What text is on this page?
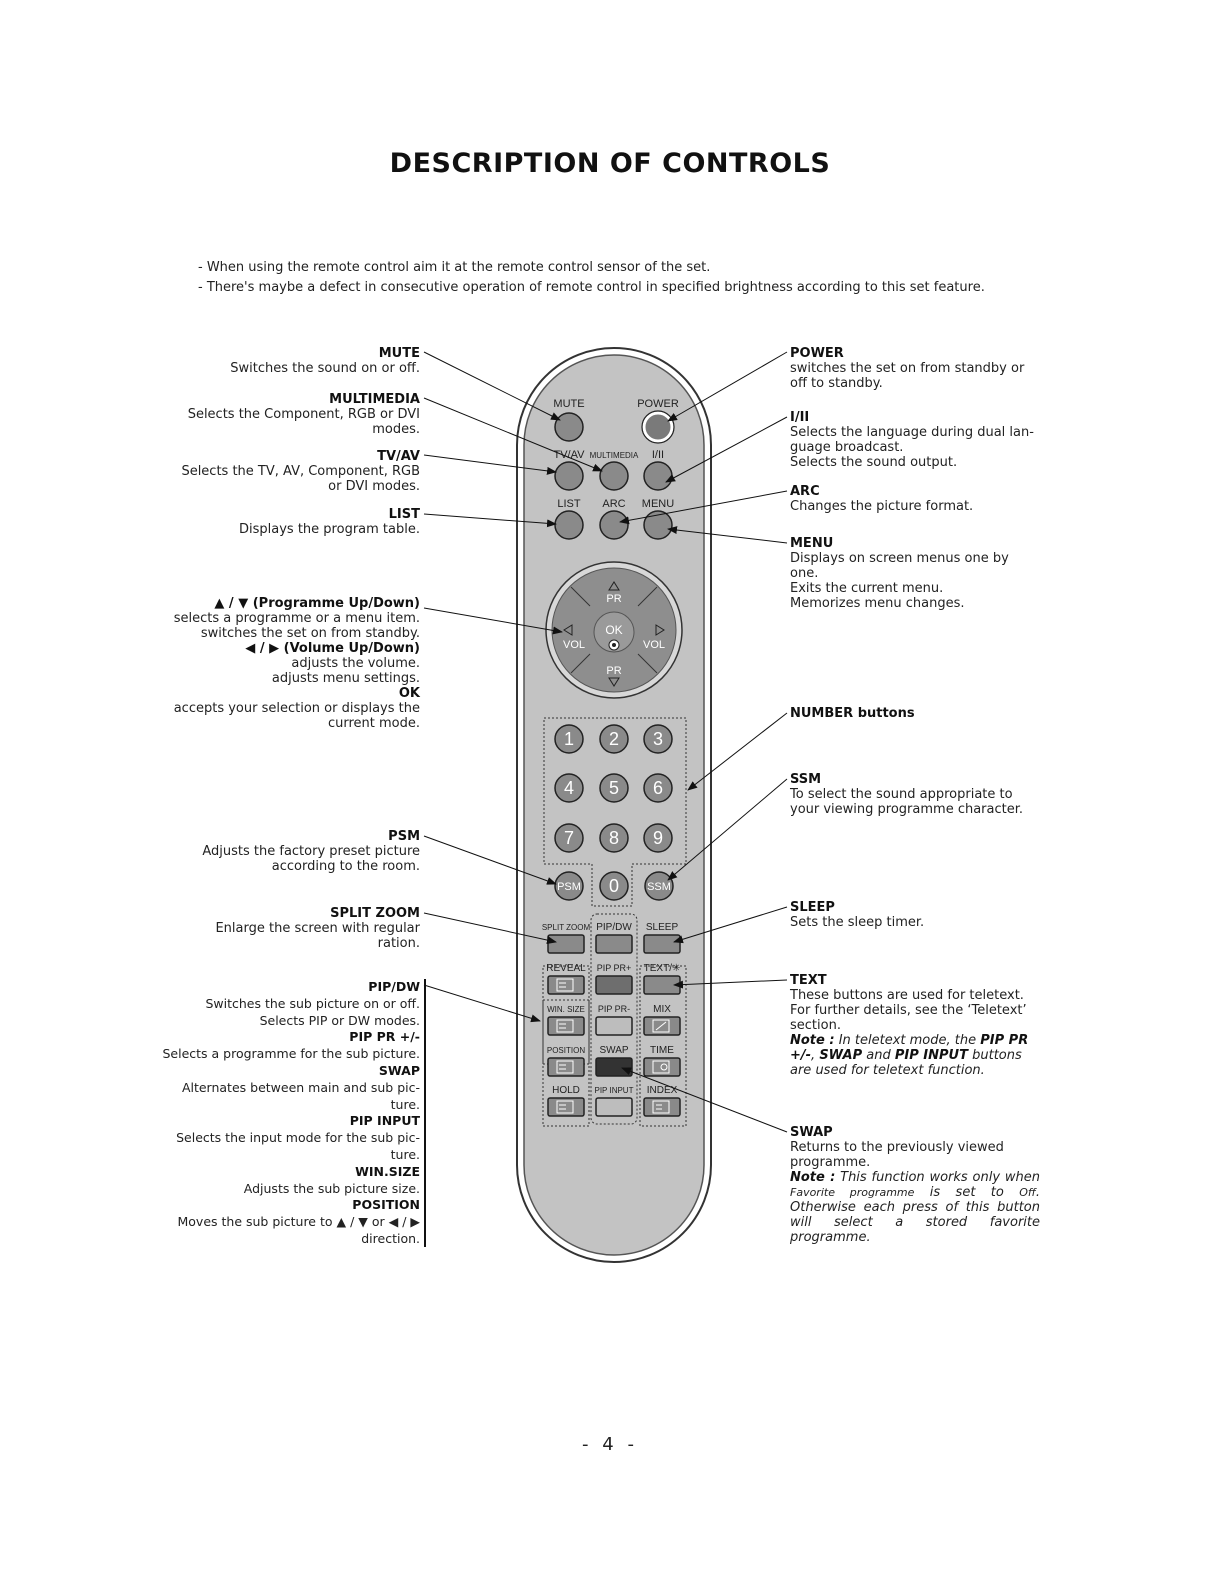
DESCRIPTION OF CONTROLS
- When using the remote control aim it at the remote control sensor of the set.
- There's maybe a defect in consecutive operation of remote control in specified brightness according to this set feature.
MUTE
Switches the sound on or off.
MULTIMEDIA
Selects the Component, RGB or DVI
modes.
TV/AV
Selects the TV, AV, Component, RGB
or DVI modes.
LIST
Displays the program table.
▲ / ▼ (Programme Up/Down)
selects a programme or a menu item.
switches the set on from standby.
◀ / ▶ (Volume Up/Down)
adjusts the volume.
adjusts menu settings.
OK
accepts your selection or displays the
current mode.
PSM
Adjusts the factory preset picture
according to the room.
SPLIT ZOOM
Enlarge the screen with regular
ration.
PIP/DW
Switches the sub picture on or off.
Selects PIP or DW modes.
PIP PR +/-
Selects a programme for the sub picture.
SWAP
Alternates between main and sub pic-
ture.
PIP INPUT
Selects the input mode for the sub pic-
ture.
WIN.SIZE
Adjusts the sub picture size.
POSITION
Moves the sub picture to ▲ / ▼ or ◀ / ▶
direction.
POWER
switches the set on from standby or
off to standby.
I/II
Selects the language during dual lan-
guage broadcast.
Selects the sound output.
ARC
Changes the picture format.
MENU
Displays on screen menus one by
one.
Exits the current menu.
Memorizes menu changes.
NUMBER buttons
SSM
To select the sound appropriate to
your viewing programme character.
SLEEP
Sets the sleep timer.
TEXT
These buttons are used for teletext.
For further details, see the ‘Teletext’
section.
Note : In teletext mode, the PIP PR +/-, SWAP and PIP INPUT buttons are used for teletext function.
SWAP
Returns to the previously viewed
programme.
Note : This function works only when Favorite programme is set to Off. Otherwise each press of this button will select a stored favorite programme.
MUTE	POWER
TV/AV MULTIMEDIA I/II
LIST ARC MENU
PR
PR
VOL	VOL
OK
1 2 3
4 5 6
7 8 9
0
PSM	SSM
SPLIT ZOOM PIP/DW SLEEP
REVEAL PIP PR+ TEXT/✳
WIN. SIZE PIP PR- MIX
POSITION SWAP TIME
HOLD PIP INPUT INDEX
- 4 -
